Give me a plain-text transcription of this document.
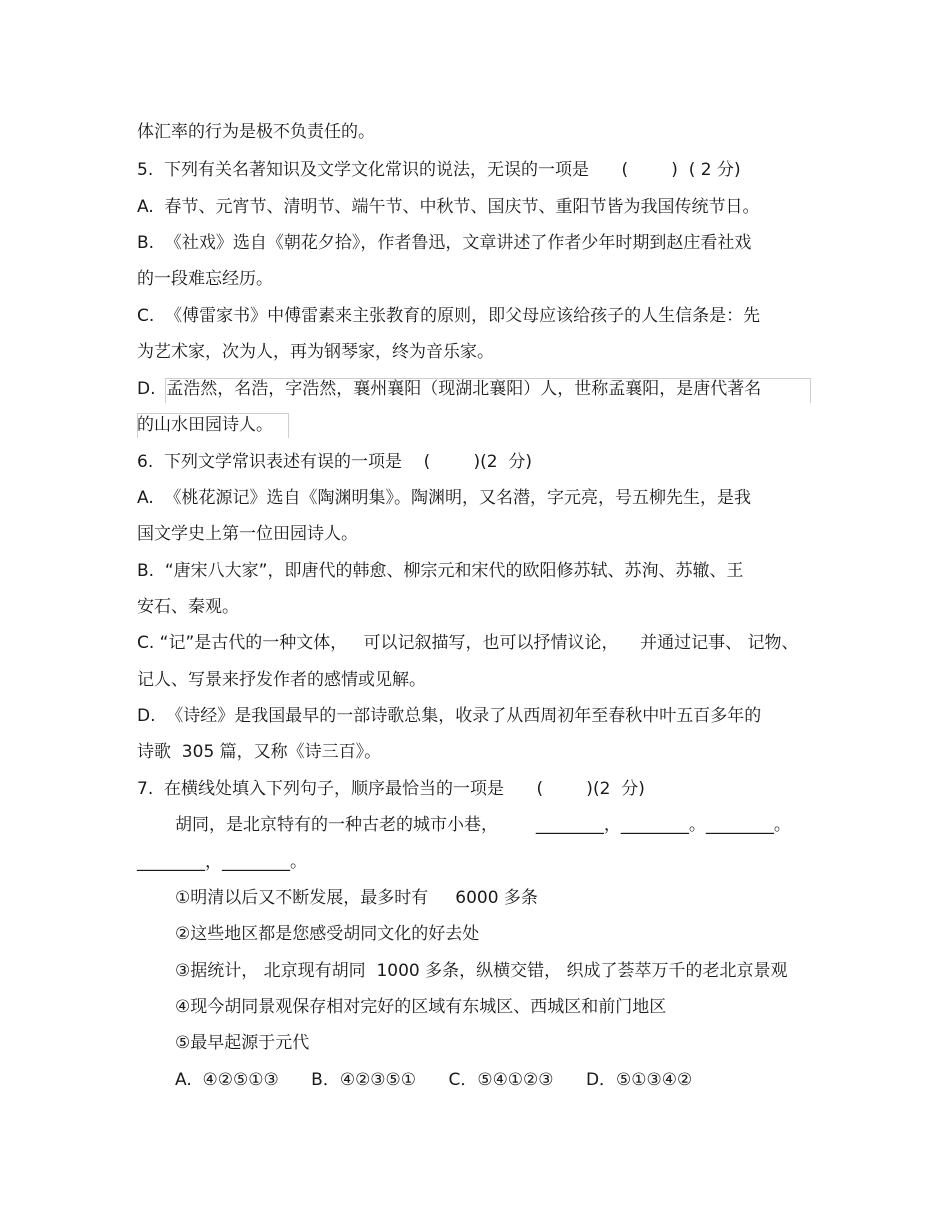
体汇率的行为是极不负责任的。
5.  下列有关名著知识及文学文化常识的说法，无误的一项是      (        )  ( 2 分)
A.  春节、元宵节、清明节、端午节、中秋节、国庆节、重阳节皆为我国传统节日。
B.  《社戏》选自《朝花夕拾》，作者鲁迅，文章讲述了作者少年时期到赵庄看社戏
的一段难忘经历。
C.  《傅雷家书》中傅雷素来主张教育的原则，即父母应该给孩子的人生信条是：先
为艺术家，次为人，再为钢琴家，终为音乐家。
D.  孟浩然，名浩，字浩然，襄州襄阳（现湖北襄阳）人，世称孟襄阳，是唐代著名
的山水田园诗人。
6.  下列文学常识表述有误的一项是    (        )(2  分)
A.  《桃花源记》选自《陶渊明集》。陶渊明，又名潜，字元亮，号五柳先生，是我
国文学史上第一位田园诗人。
B.  “唐宋八大家”，即唐代的韩愈、柳宗元和宋代的欧阳修苏轼、苏洵、苏辙、王
安石、秦观。
C. “记”是古代的一种文体，   可以记叙描写，也可以抒情议论，    并通过记事、 记物、
记人、写景来抒发作者的感情或见解。
D.  《诗经》是我国最早的一部诗歌总集，收录了从西周初年至春秋中叶五百多年的
诗歌  305 篇，又称《诗三百》。
7.  在横线处填入下列句子，顺序最恰当的一项是      (        )(2  分)
胡同，是北京特有的一种古老的城市小巷，       ________，________。________。
________，________。
①明清以后又不断发展，最多时有     6000 多条
②这些地区都是您感受胡同文化的好去处
③据统计， 北京现有胡同  1000 多条，纵横交错， 织成了荟萃万千的老北京景观
④现今胡同景观保存相对完好的区域有东城区、西城区和前门地区
⑤最早起源于元代
A.  ④②⑤①③      B．④②③⑤①      C．⑤④①②③      D．⑤①③④②
